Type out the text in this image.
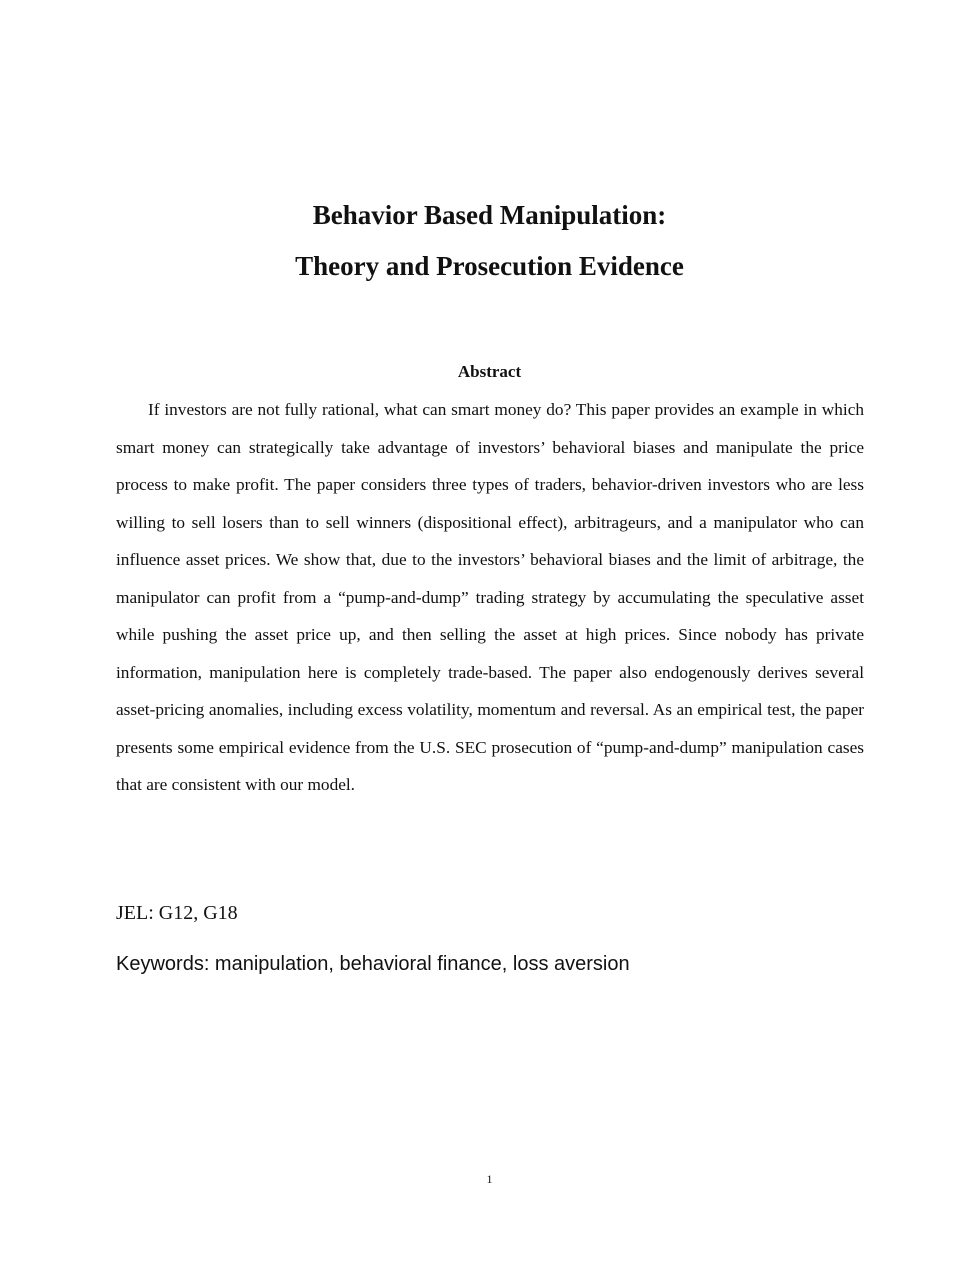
Behavior Based Manipulation:
Theory and Prosecution Evidence
Abstract

If investors are not fully rational, what can smart money do? This paper provides an example in which smart money can strategically take advantage of investors’ behavioral biases and manipulate the price process to make profit. The paper considers three types of traders, behavior-driven investors who are less willing to sell losers than to sell winners (dispositional effect), arbitrageurs, and a manipulator who can influence asset prices. We show that, due to the investors’ behavioral biases and the limit of arbitrage, the manipulator can profit from a “pump-and-dump” trading strategy by accumulating the speculative asset while pushing the asset price up, and then selling the asset at high prices. Since nobody has private information, manipulation here is completely trade-based. The paper also endogenously derives several asset-pricing anomalies, including excess volatility, momentum and reversal. As an empirical test, the paper presents some empirical evidence from the U.S. SEC prosecution of “pump-and-dump” manipulation cases that are consistent with our model.

JEL: G12, G18
Keywords: manipulation, behavioral finance, loss aversion
1
